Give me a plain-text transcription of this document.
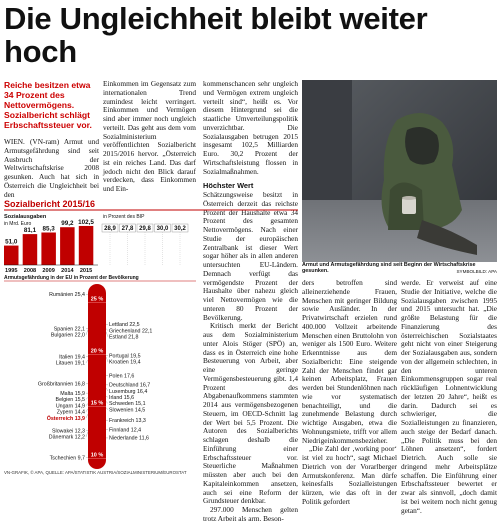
Die Ungleichheit bleibt weiter hoch
Reiche besitzen etwa 34 Prozent des Nettovermögens. Sozialbericht schlägt Erbschaftssteuer vor.

WIEN. (VN-ram) Armut und Armutsgefährdung sind seit Ausbruch der Weltwirtschaftskrise 2008 gesunken. Auch hat sich in Österreich die Ungleichheit bei den

Einkommen im Gegensatz zum internationalen Trend zumindest leicht verringert. Einkommen und Vermögen sind aber immer noch ungleich verteilt. Das geht aus dem vom Sozialministerium veröffentlichten Sozialbericht 2015/2016 hervor. „Österreich ist ein reiches Land. Das darf jedoch nicht den Blick darauf verdecken, dass Einkommen und Ein-

kommenschancen sehr ungleich und Vermögen extrem ungleich verteilt sind“, heißt es. Vor diesem Hintergrund sei die staatliche Umverteilungspolitik unverzichtbar. Die Sozialausgaben betrugen 2015 insgesamt 102,5 Milliarden Euro. 30,2 Prozent der Wirtschaftsleistung flossen in Sozialmaßnahmen.

Höchster Wert

Schätzungsweise besitzt in Österreich derzeit das reichste Prozent der Haushalte etwa 34 Prozent des gesamten Nettovermögens. Nach einer Studie der europäischen Zentralbank ist dieser Wert sogar höher als in allen anderen untersuchten EU-Ländern. Demnach verfügt das vermögendste Prozent der Haushalte über nahezu gleich viel Nettovermögen wie die unteren 80 Prozent der Bevölkerung.

Kritisch merkt der Bericht aus dem Sozialministerium unter Alois Stöger (SPÖ) an, dass es in Österreich eine hohe Besteuerung von Arbeit, aber eine geringe Vermögensbesteuerung gibt. 1,4 Prozent des Abgabenaufkommens stammten 2014 aus vermögensbezogenen Steuern, im OECD-Schnitt lag der Wert bei 5,5 Prozent. Die Autoren des Sozialberichts schlagen deshalb die Einführung einer Erbschaftssteuer vor. Steuerliche Maßnahmen müssten aber auch bei den Kapitaleinkommen ansetzen, auch sei eine Reform der Grundsteuer denkbar.

297.000 Menschen gelten trotz Arbeit als arm. Beson-

Armut und Armutsgefährdung sind seit Beginn der Wirtschaftskrise gesunken.	SYMBOLBILD: APA

ders betroffen sind alleinerziehende Frauen, Menschen mit geringer Bildung sowie Ausländer. In der Privatwirtschaft erzielen rund 400.000 Vollzeit arbeitende Menschen einen Bruttolohn von weniger als 1500 Euro. Weitere Erkenntnisse aus dem Sozialbericht: Eine steigende Zahl der Menschen findet gar keinen Arbeitsplatz, Frauen werden bei Stundenlöhnen nach wie vor systematisch benachteiligt, und die zunehmende Belastung durch wichtige Ausgaben, etwa die Wohnungsmiete, trifft vor allem Niedrigeinkommensbezieher.

„Die Zahl der ‚working poor‘ ist viel zu hoch“, sagt Michael Dietrich von der Vorarlberger Armutskonferenz. Man dürfe keinesfalls Sozialleistungen kürzen, wie das oft in der Politik gefordert

werde. Er verweist auf eine Studie der Initiative, welche die Sozialausgaben zwischen 1995 und 2015 untersucht hat. „Die größte Belastung für die Finanzierung des österreichischen Sozialstaates geht nicht von einer Steigerung der Sozialausgaben aus, sondern von der allgemein schlechten, in den unteren Einkommensgruppen sogar real rückläufigen Lohnentwicklung der letzten 20 Jahre“, heißt es darin. Dadurch sei es schwieriger, die Sozialleistungen zu finanzieren, auch steige der Bedarf danach. „Die Politik muss bei den Löhnen ansetzen“, fordert Dietrich. Auch solle sie dringend mehr Arbeitsplätze schaffen. Die Einführung einer Erbschaftssteuer bewertet er zwar als sinnvoll, „doch damit ist bei weitem noch nicht genug getan“.

Sozialbericht 2015/16
Sozialausgaben
in Mrd. Euro
51,0
1995
81,1
2008
85,3
2009
99,2
2014
102,5
2015
in Prozent des BIP
28,9 27,8 29,8 30,0 30,2
Armutsgefährdung in der EU in Prozent der Bevölkerung
25 %
20 %
15 %
10 %
Rumänien 25,4
Spanien 22,1
Bulgarien 22,0
Italien 19,4
Litauen 19,1
Großbritannien 16,8
Malta 15,9
Belgien 15,5
Ungarn 14,9
Zypern 14,4
Österreich 13,9
Slowakei 12,3
Dänemark 12,2
Tschechien 9,7
Lettland 22,5
Griechenland 22,1
Estland 21,8
Portugal 19,5
Kroatien 19,4
Polen 17,6
Deutschland 16,7
Luxemburg 16,4
Irland 15,6
Schweden 15,1
Slowenien 14,5
Frankreich 13,3
Finnland 12,4
Niederlande 11,6
VN-GRAFIK, © APA, QUELLE: APA/STATISTIK AUSTRIA/SOZIALMINISTERIUM/EUROSTAT
